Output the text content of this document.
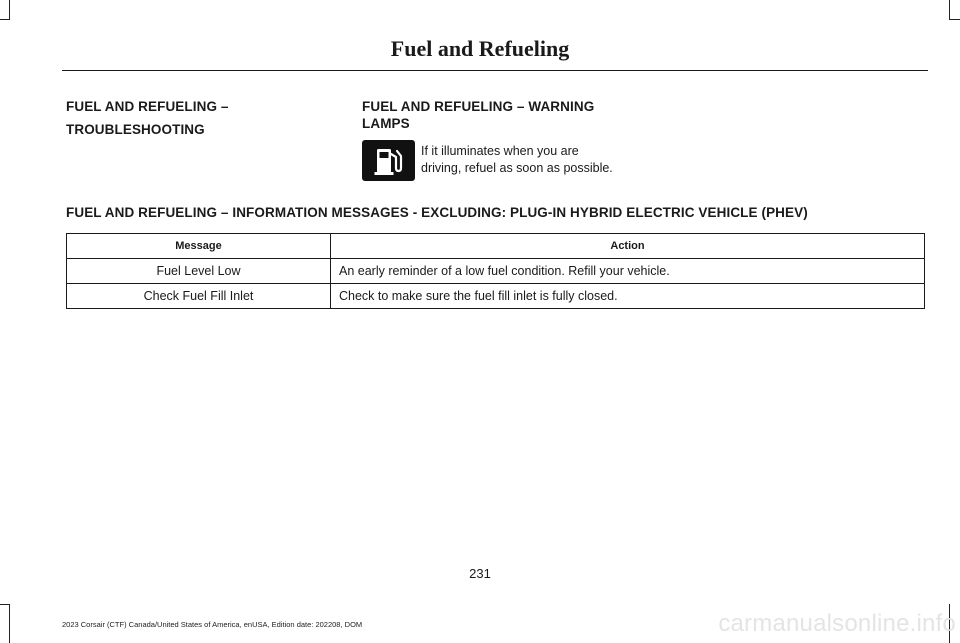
Fuel and Refueling
FUEL AND REFUELING –
TROUBLESHOOTING
FUEL AND REFUELING – WARNING
LAMPS
If it illuminates when you are
driving, refuel as soon as possible.
FUEL AND REFUELING – INFORMATION MESSAGES - EXCLUDING: PLUG-IN HYBRID ELECTRIC VEHICLE (PHEV)
Message	Action
Fuel Level Low	An early reminder of a low fuel condition. Refill your vehicle.
Check Fuel Fill Inlet	Check to make sure the fuel fill inlet is fully closed.
231
2023 Corsair (CTF) Canada/United States of America, enUSA, Edition date: 202208, DOM	carmanualsonline.info
